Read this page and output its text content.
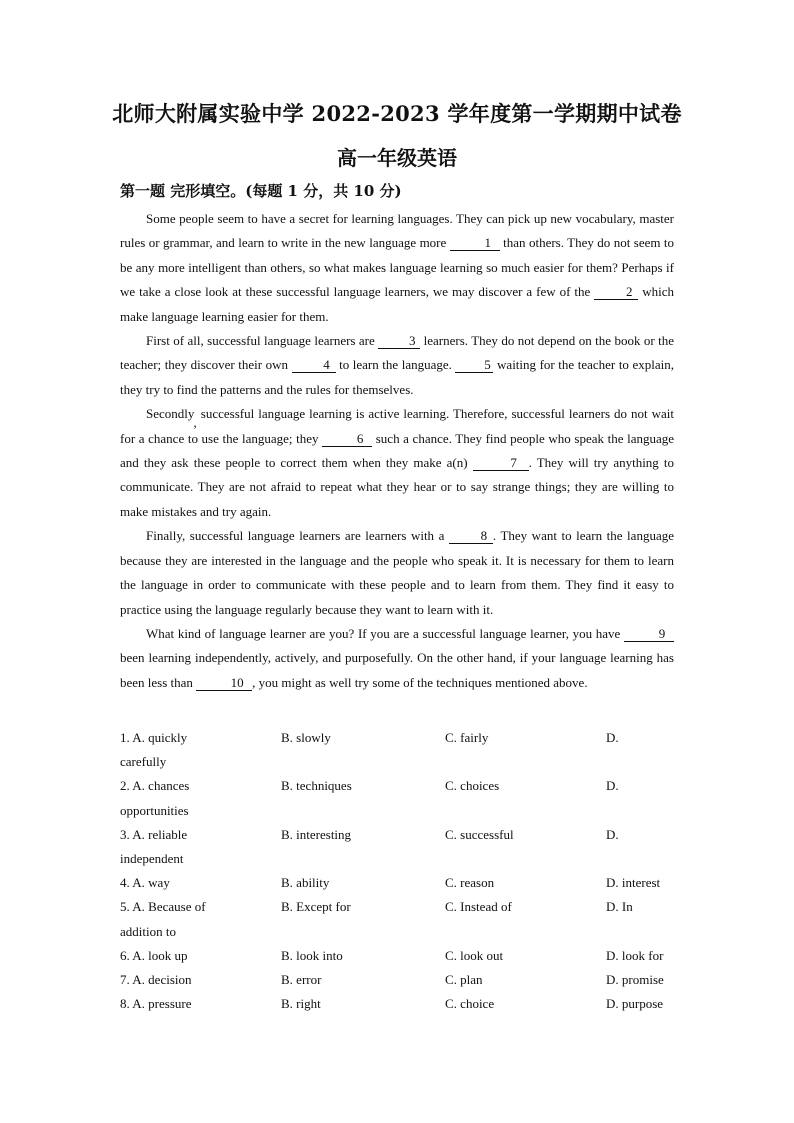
北师大附属实验中学 2022-2023 学年度第一学期期中试卷
高一年级英语
第一题 完形填空。(每题 1 分，共 10 分)

Some people seem to have a secret for learning languages. They can pick up new vocabulary, master rules or grammar, and learn to write in the new language more	1 than others. They do not seem to be any more intelligent than others, so what makes language learning so much easier for them? Perhaps if we take a close look at these successful language learners, we may discover a few of the 2 which make language learning easier for them.

First of all, successful language learners are 3 learners. They do not depend on the book or the teacher; they discover their own 4 to learn the language. 5 waiting for the teacher to explain, they try to find the patterns and the rules for themselves.

Secondly, successful language learning is active learning. Therefore, successful learners do not wait for a chance to use the language; they	6 such a chance. They find people who speak the language and they ask these people to correct them when they make a(n)	7 . They will try anything to communicate. They are not afraid to repeat what they hear or to say strange things; they are willing to make mistakes and try again.

Finally, successful language learners are learners with a 8 . They want to learn the language because they are interested in the language and the people who speak it. It is necessary for them to learn the language in order to communicate with these people and to learn from them. They find it easy to practice using the language regularly because they want to learn with it.

What kind of language learner are you? If you are a successful language learner, you have	9 been learning independently, actively, and purposefully. On the other hand, if your language learning has been less than	10 , you might as well try some of the techniques mentioned above.

1. A. quickly	B. slowly	C. fairly	D.
carefully
2. A. chances	B. techniques	C. choices	D.
opportunities
3. A. reliable	B. interesting	C. successful	D.
independent
4. A. way	B. ability	C. reason	D. interest
5. A. Because of	B. Except for	C. Instead of	D. In
addition to
6. A. look up	B. look into	C. look out	D. look for
7. A. decision	B. error	C. plan	D. promise
8. A. pressure	B. right	C. choice	D. purpose
